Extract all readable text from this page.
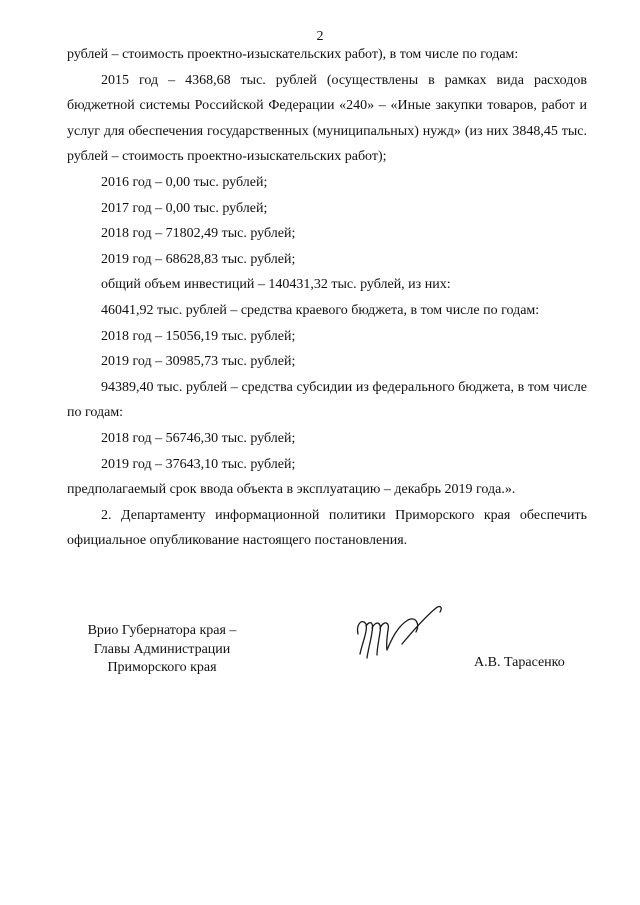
2

рублей – стоимость проектно-изыскательских работ), в том числе по годам:

2015 год – 4368,68 тыс. рублей (осуществлены в рамках вида расходов бюджетной системы Российской Федерации «240» – «Иные закупки товаров, работ и услуг для обеспечения государственных (муниципальных) нужд» (из них 3848,45 тыс. рублей – стоимость проектно-изыскательских работ);

2016 год – 0,00 тыс. рублей;

2017 год – 0,00 тыс. рублей;

2018 год – 71802,49 тыс. рублей;

2019 год – 68628,83 тыс. рублей;

общий объем инвестиций – 140431,32 тыс. рублей, из них:

46041,92 тыс. рублей – средства краевого бюджета, в том числе по годам:

2018 год – 15056,19 тыс. рублей;

2019 год – 30985,73 тыс. рублей;

94389,40 тыс. рублей – средства субсидии из федерального бюджета, в том числе по годам:

2018 год – 56746,30 тыс. рублей;

2019 год – 37643,10 тыс. рублей;

предполагаемый срок ввода объекта в эксплуатацию – декабрь 2019 года.».

2. Департаменту информационной политики Приморского края обеспечить официальное опубликование настоящего постановления.

Врио Губернатора края –
Главы Администрации
Приморского края	А.В. Тарасенко
